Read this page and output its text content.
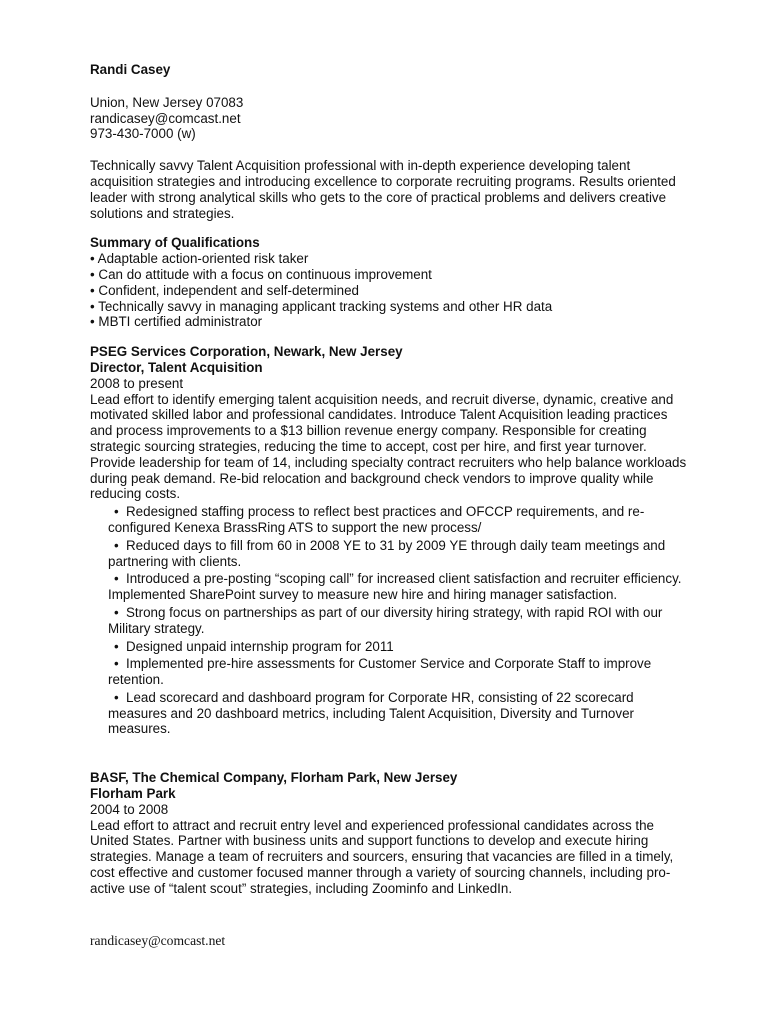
Randi Casey
Union, New Jersey 07083
randicasey@comcast.net
973-430-7000 (w)
Technically savvy Talent Acquisition professional with in-depth experience developing talent acquisition strategies and introducing excellence to corporate recruiting programs. Results oriented leader with strong analytical skills who gets to the core of practical problems and delivers creative solutions and strategies.
Summary of Qualifications
• Adaptable action-oriented risk taker
• Can do attitude with a focus on continuous improvement
• Confident, independent and self-determined
• Technically savvy in managing applicant tracking systems and other HR data
• MBTI certified administrator
PSEG Services Corporation, Newark, New Jersey
Director, Talent Acquisition
2008 to present
Lead effort to identify emerging talent acquisition needs, and recruit diverse, dynamic, creative and motivated skilled labor and professional candidates. Introduce Talent Acquisition leading practices and process improvements to a $13 billion revenue energy company. Responsible for creating strategic sourcing strategies, reducing the time to accept, cost per hire, and first year turnover. Provide leadership for team of 14, including specialty contract recruiters who help balance workloads during peak demand. Re-bid relocation and background check vendors to improve quality while reducing costs.
• Redesigned staffing process to reflect best practices and OFCCP requirements, and re-configured Kenexa BrassRing ATS to support the new process/
• Reduced days to fill from 60 in 2008 YE to 31 by 2009 YE through daily team meetings and partnering with clients.
• Introduced a pre-posting “scoping call” for increased client satisfaction and recruiter efficiency. Implemented SharePoint survey to measure new hire and hiring manager satisfaction.
• Strong focus on partnerships as part of our diversity hiring strategy, with rapid ROI with our Military strategy.
• Designed unpaid internship program for 2011
• Implemented pre-hire assessments for Customer Service and Corporate Staff to improve retention.
• Lead scorecard and dashboard program for Corporate HR, consisting of 22 scorecard measures and 20 dashboard metrics, including Talent Acquisition, Diversity and Turnover measures.
BASF, The Chemical Company, Florham Park, New Jersey
Florham Park
2004 to 2008
Lead effort to attract and recruit entry level and experienced professional candidates across the United States. Partner with business units and support functions to develop and execute hiring strategies. Manage a team of recruiters and sourcers, ensuring that vacancies are filled in a timely, cost effective and customer focused manner through a variety of sourcing channels, including pro-active use of “talent scout” strategies, including Zoominfo and LinkedIn.
randicasey@comcast.net
